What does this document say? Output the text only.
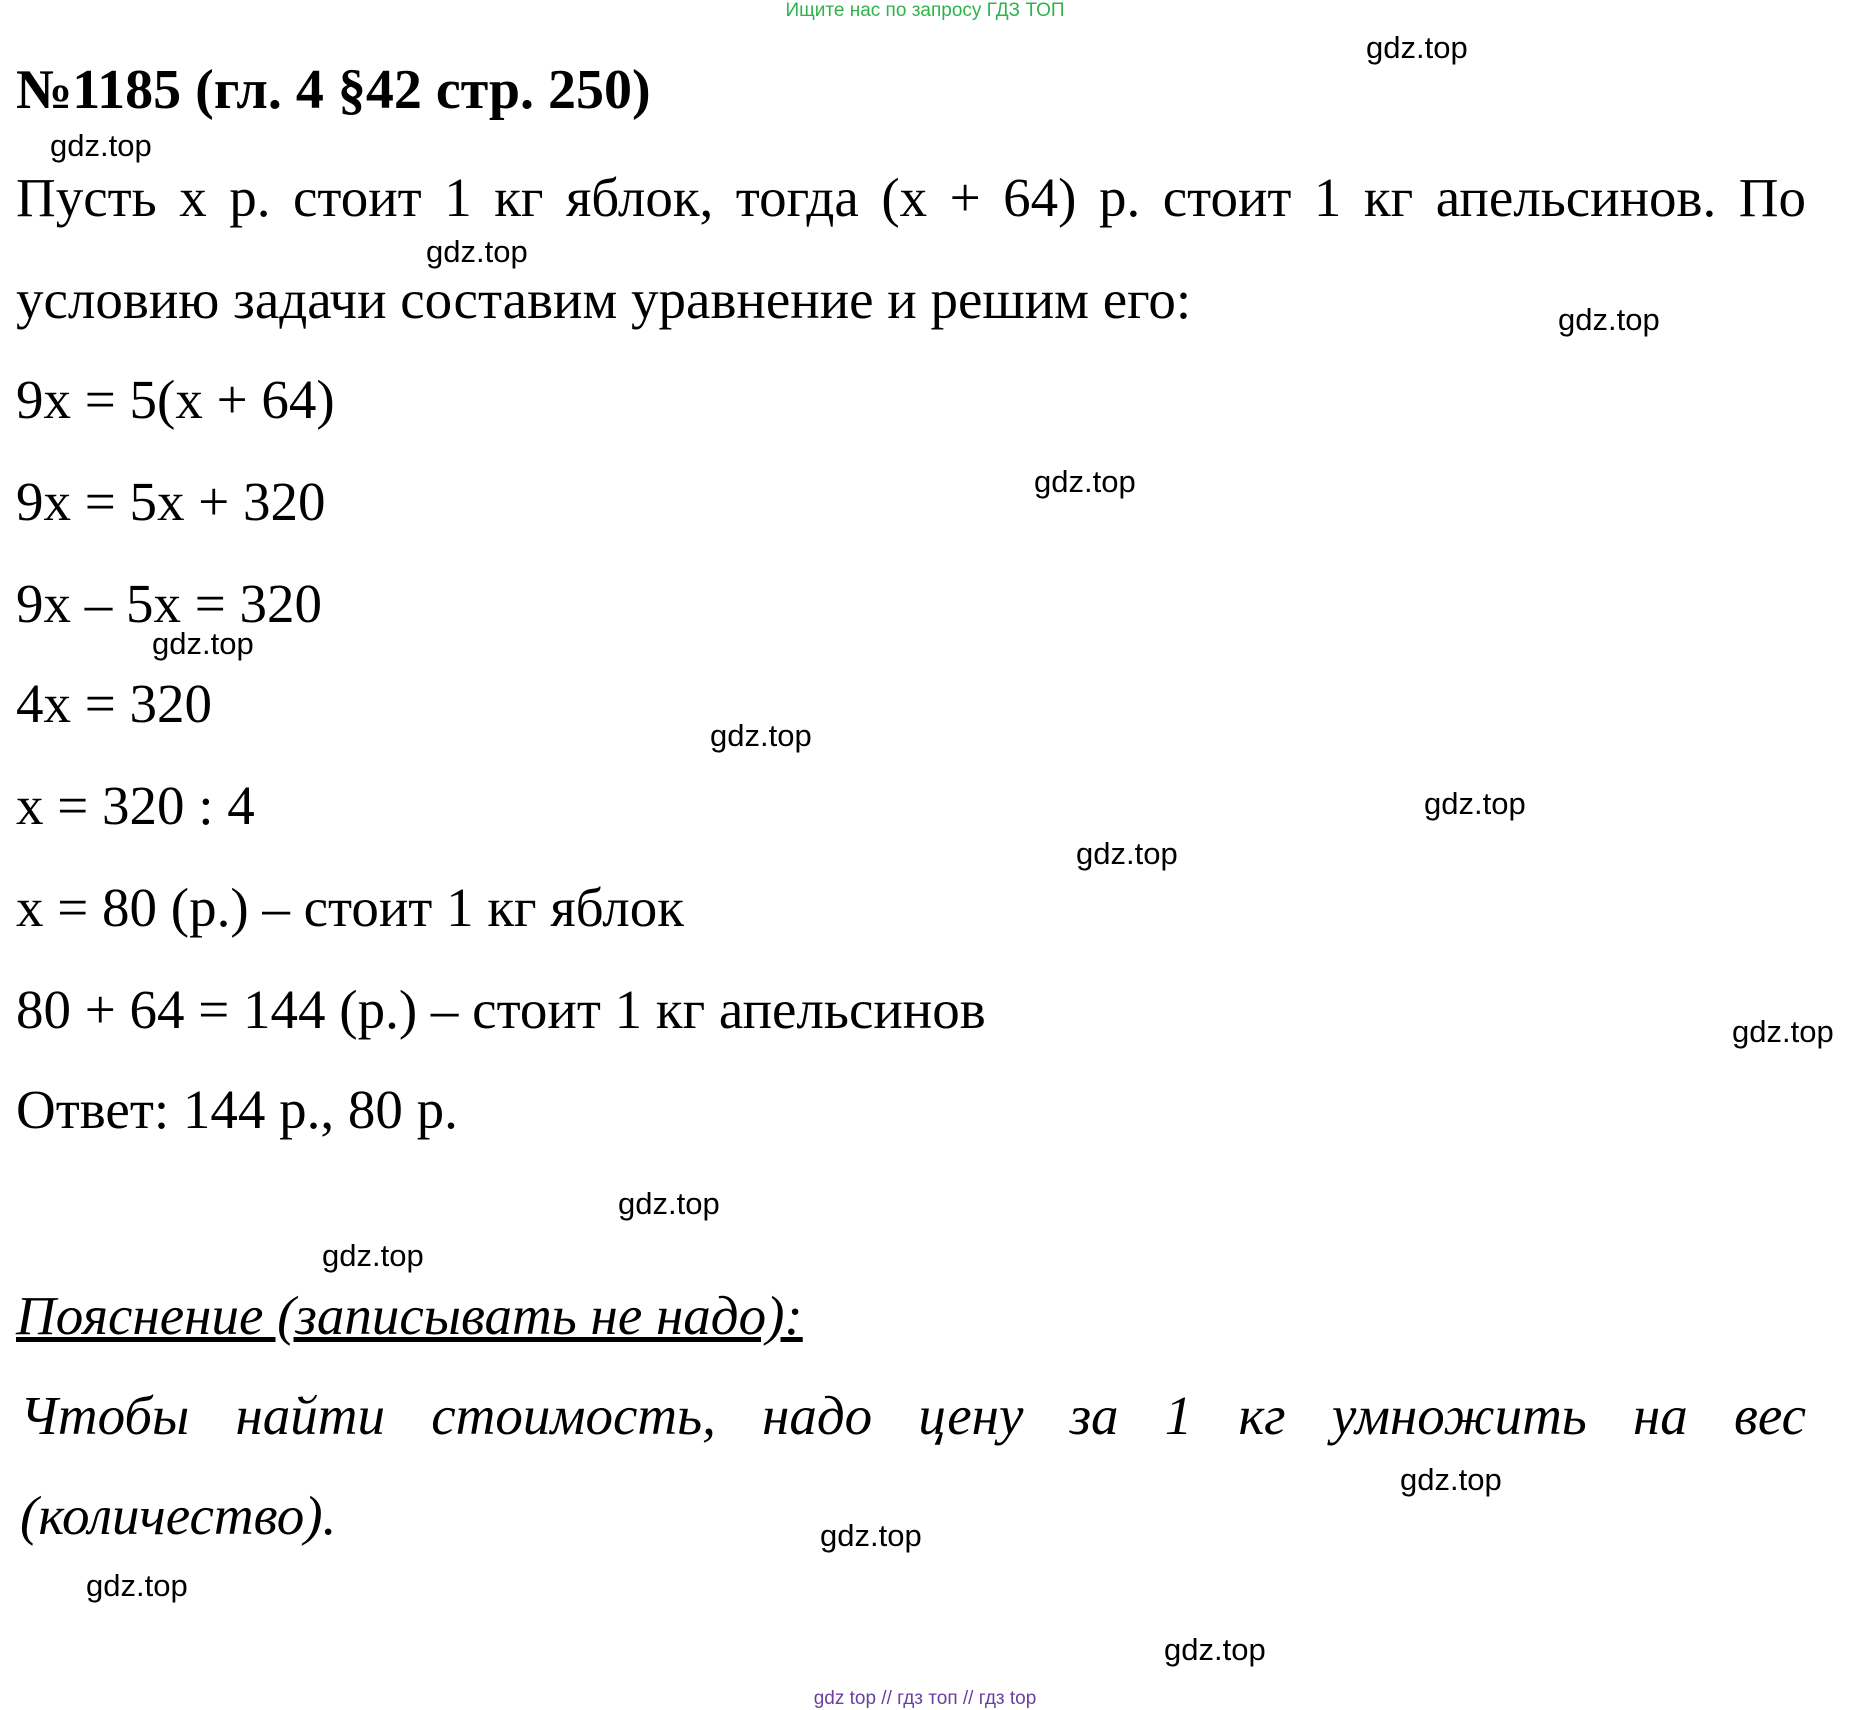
Ищите нас по запросу ГДЗ ТОП
№1185 (гл. 4 §42 стр. 250)
Пусть x р. стоит 1 кг яблок, тогда (x + 64) р. стоит 1 кг апельсинов. По
условию задачи составим уравнение и решим его:
9x = 5(x + 64)
9x = 5x + 320
9x – 5x = 320
4x = 320
x = 320 : 4
x = 80 (р.) – стоит 1 кг яблок
80 + 64 = 144 (р.) – стоит 1 кг апельсинов
Ответ: 144 р., 80 р.
Пояснение (записывать не надо):
Чтобы найти стоимость, надо цену за 1 кг умножить на вес
(количество).
gdz.top
gdz.top
gdz.top
gdz.top
gdz.top
gdz.top
gdz.top
gdz.top
gdz.top
gdz.top
gdz.top
gdz.top
gdz.top
gdz.top
gdz.top
gdz.top
gdz top // гдз топ // гдз top
